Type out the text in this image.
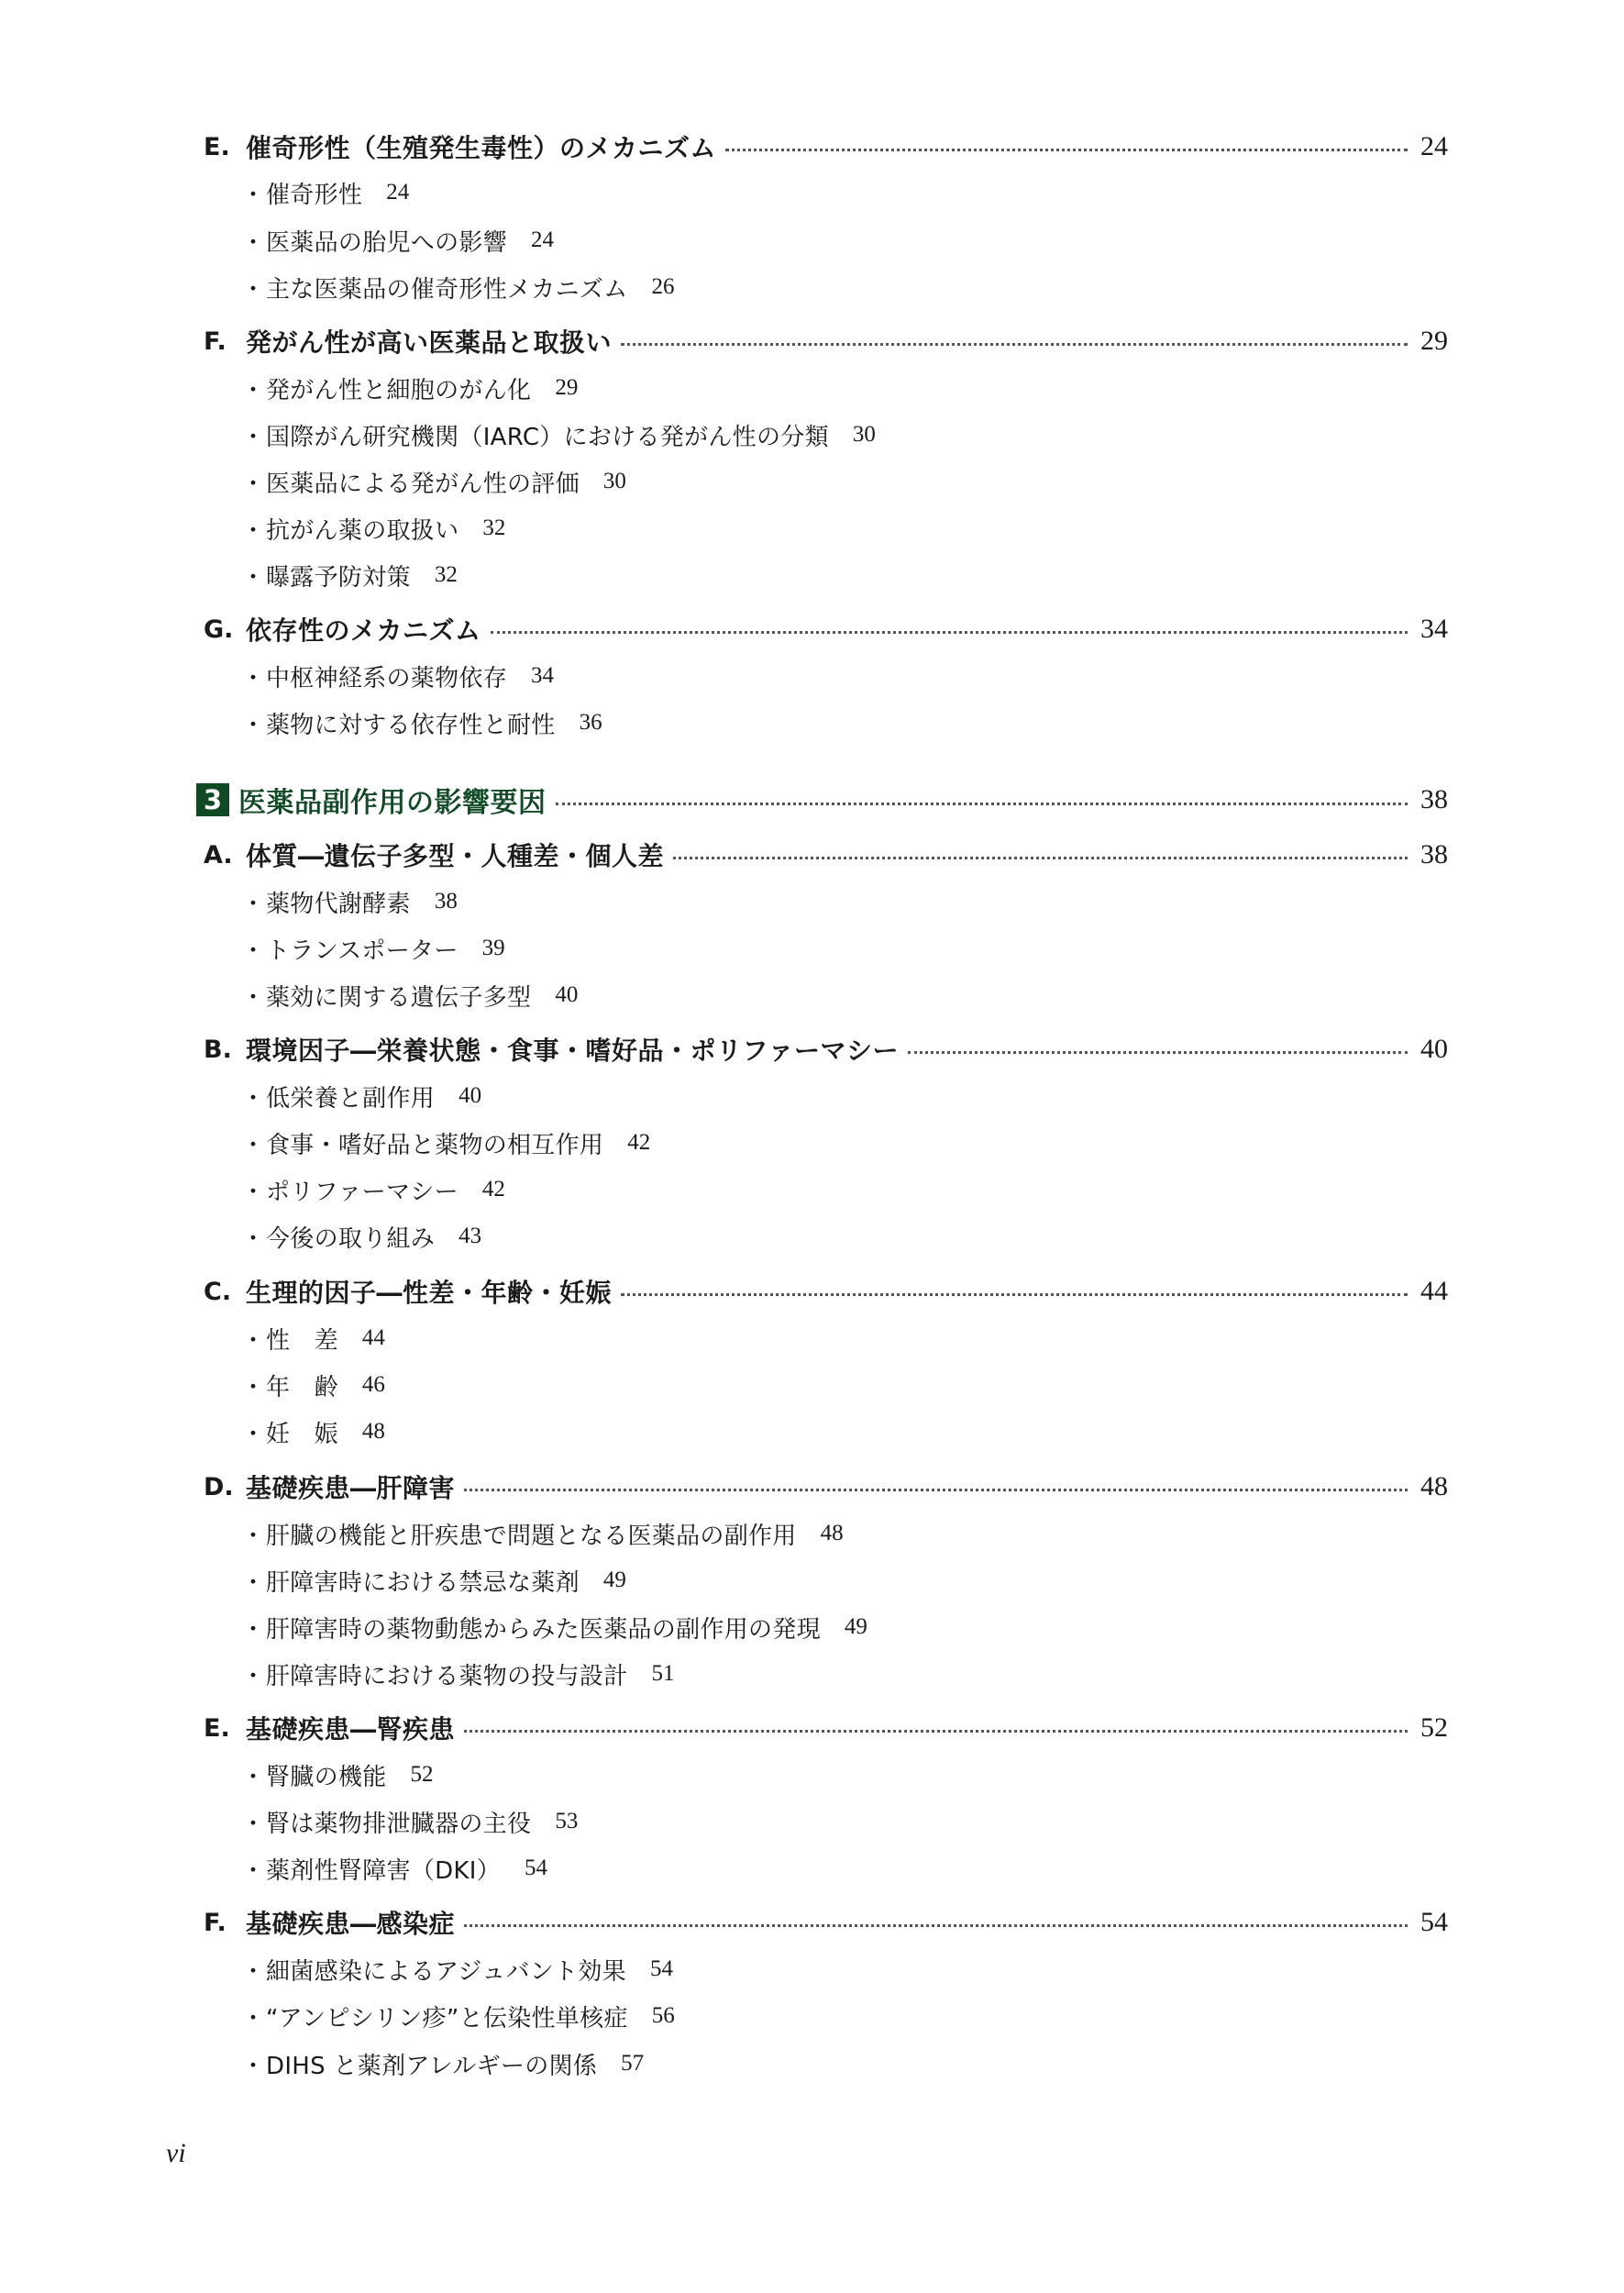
E. 催奇形性（生殖発生毒性）のメカニズム	24
・ 催奇形性 24
・ 医薬品の胎児への影響 24
・ 主な医薬品の催奇形性メカニズム 26
F. 発がん性が高い医薬品と取扱い	29
・ 発がん性と細胞のがん化 29
・ 国際がん研究機関（IARC）における発がん性の分類 30
・ 医薬品による発がん性の評価 30
・ 抗がん薬の取扱い 32
・ 曝露予防対策 32
G. 依存性のメカニズム	34
・ 中枢神経系の薬物依存 34
・ 薬物に対する依存性と耐性 36
3 医薬品副作用の影響要因	38
A. 体質―遺伝子多型・人種差・個人差	38
・ 薬物代謝酵素 38
・ トランスポーター 39
・ 薬効に関する遺伝子多型 40
B. 環境因子―栄養状態・食事・嗜好品・ポリファーマシー	40
・ 低栄養と副作用 40
・ 食事・嗜好品と薬物の相互作用 42
・ ポリファーマシー 42
・ 今後の取り組み 43
C. 生理的因子―性差・年齢・妊娠	44
・ 性　差 44
・ 年　齢 46
・ 妊　娠 48
D. 基礎疾患―肝障害	48
・ 肝臓の機能と肝疾患で問題となる医薬品の副作用 48
・ 肝障害時における禁忌な薬剤 49
・ 肝障害時の薬物動態からみた医薬品の副作用の発現 49
・ 肝障害時における薬物の投与設計 51
E. 基礎疾患―腎疾患	52
・ 腎臓の機能 52
・ 腎は薬物排泄臓器の主役 53
・ 薬剤性腎障害（DKI） 54
F. 基礎疾患―感染症	54
・ 細菌感染によるアジュバント効果 54
・ “アンピシリン疹”と伝染性単核症 56
・ DIHS と薬剤アレルギーの関係 57
vi
